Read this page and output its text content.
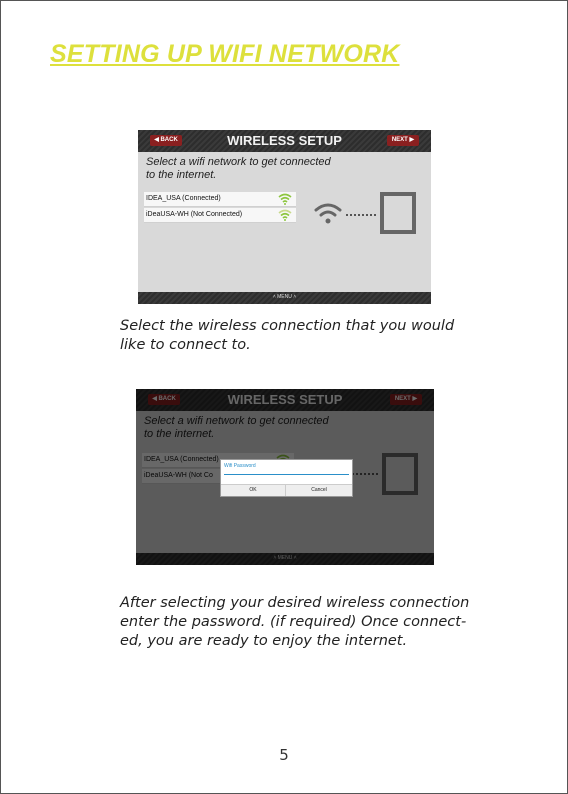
SETTING UP WIFI NETWORK
◀ BACK	WIRELESS SETUP	NEXT ▶
Select a wifi network to get connected
to the internet.
IDEA_USA (Connected)
iDeaUSA-WH (Not Connected)
˄ MENU ˄
Select the wireless connection that you would
like to connect to.
Wifi Password
OK	Cancel
After selecting your desired wireless connection
enter the password. (if required) Once connect-
ed, you are ready to enjoy the internet.
5
